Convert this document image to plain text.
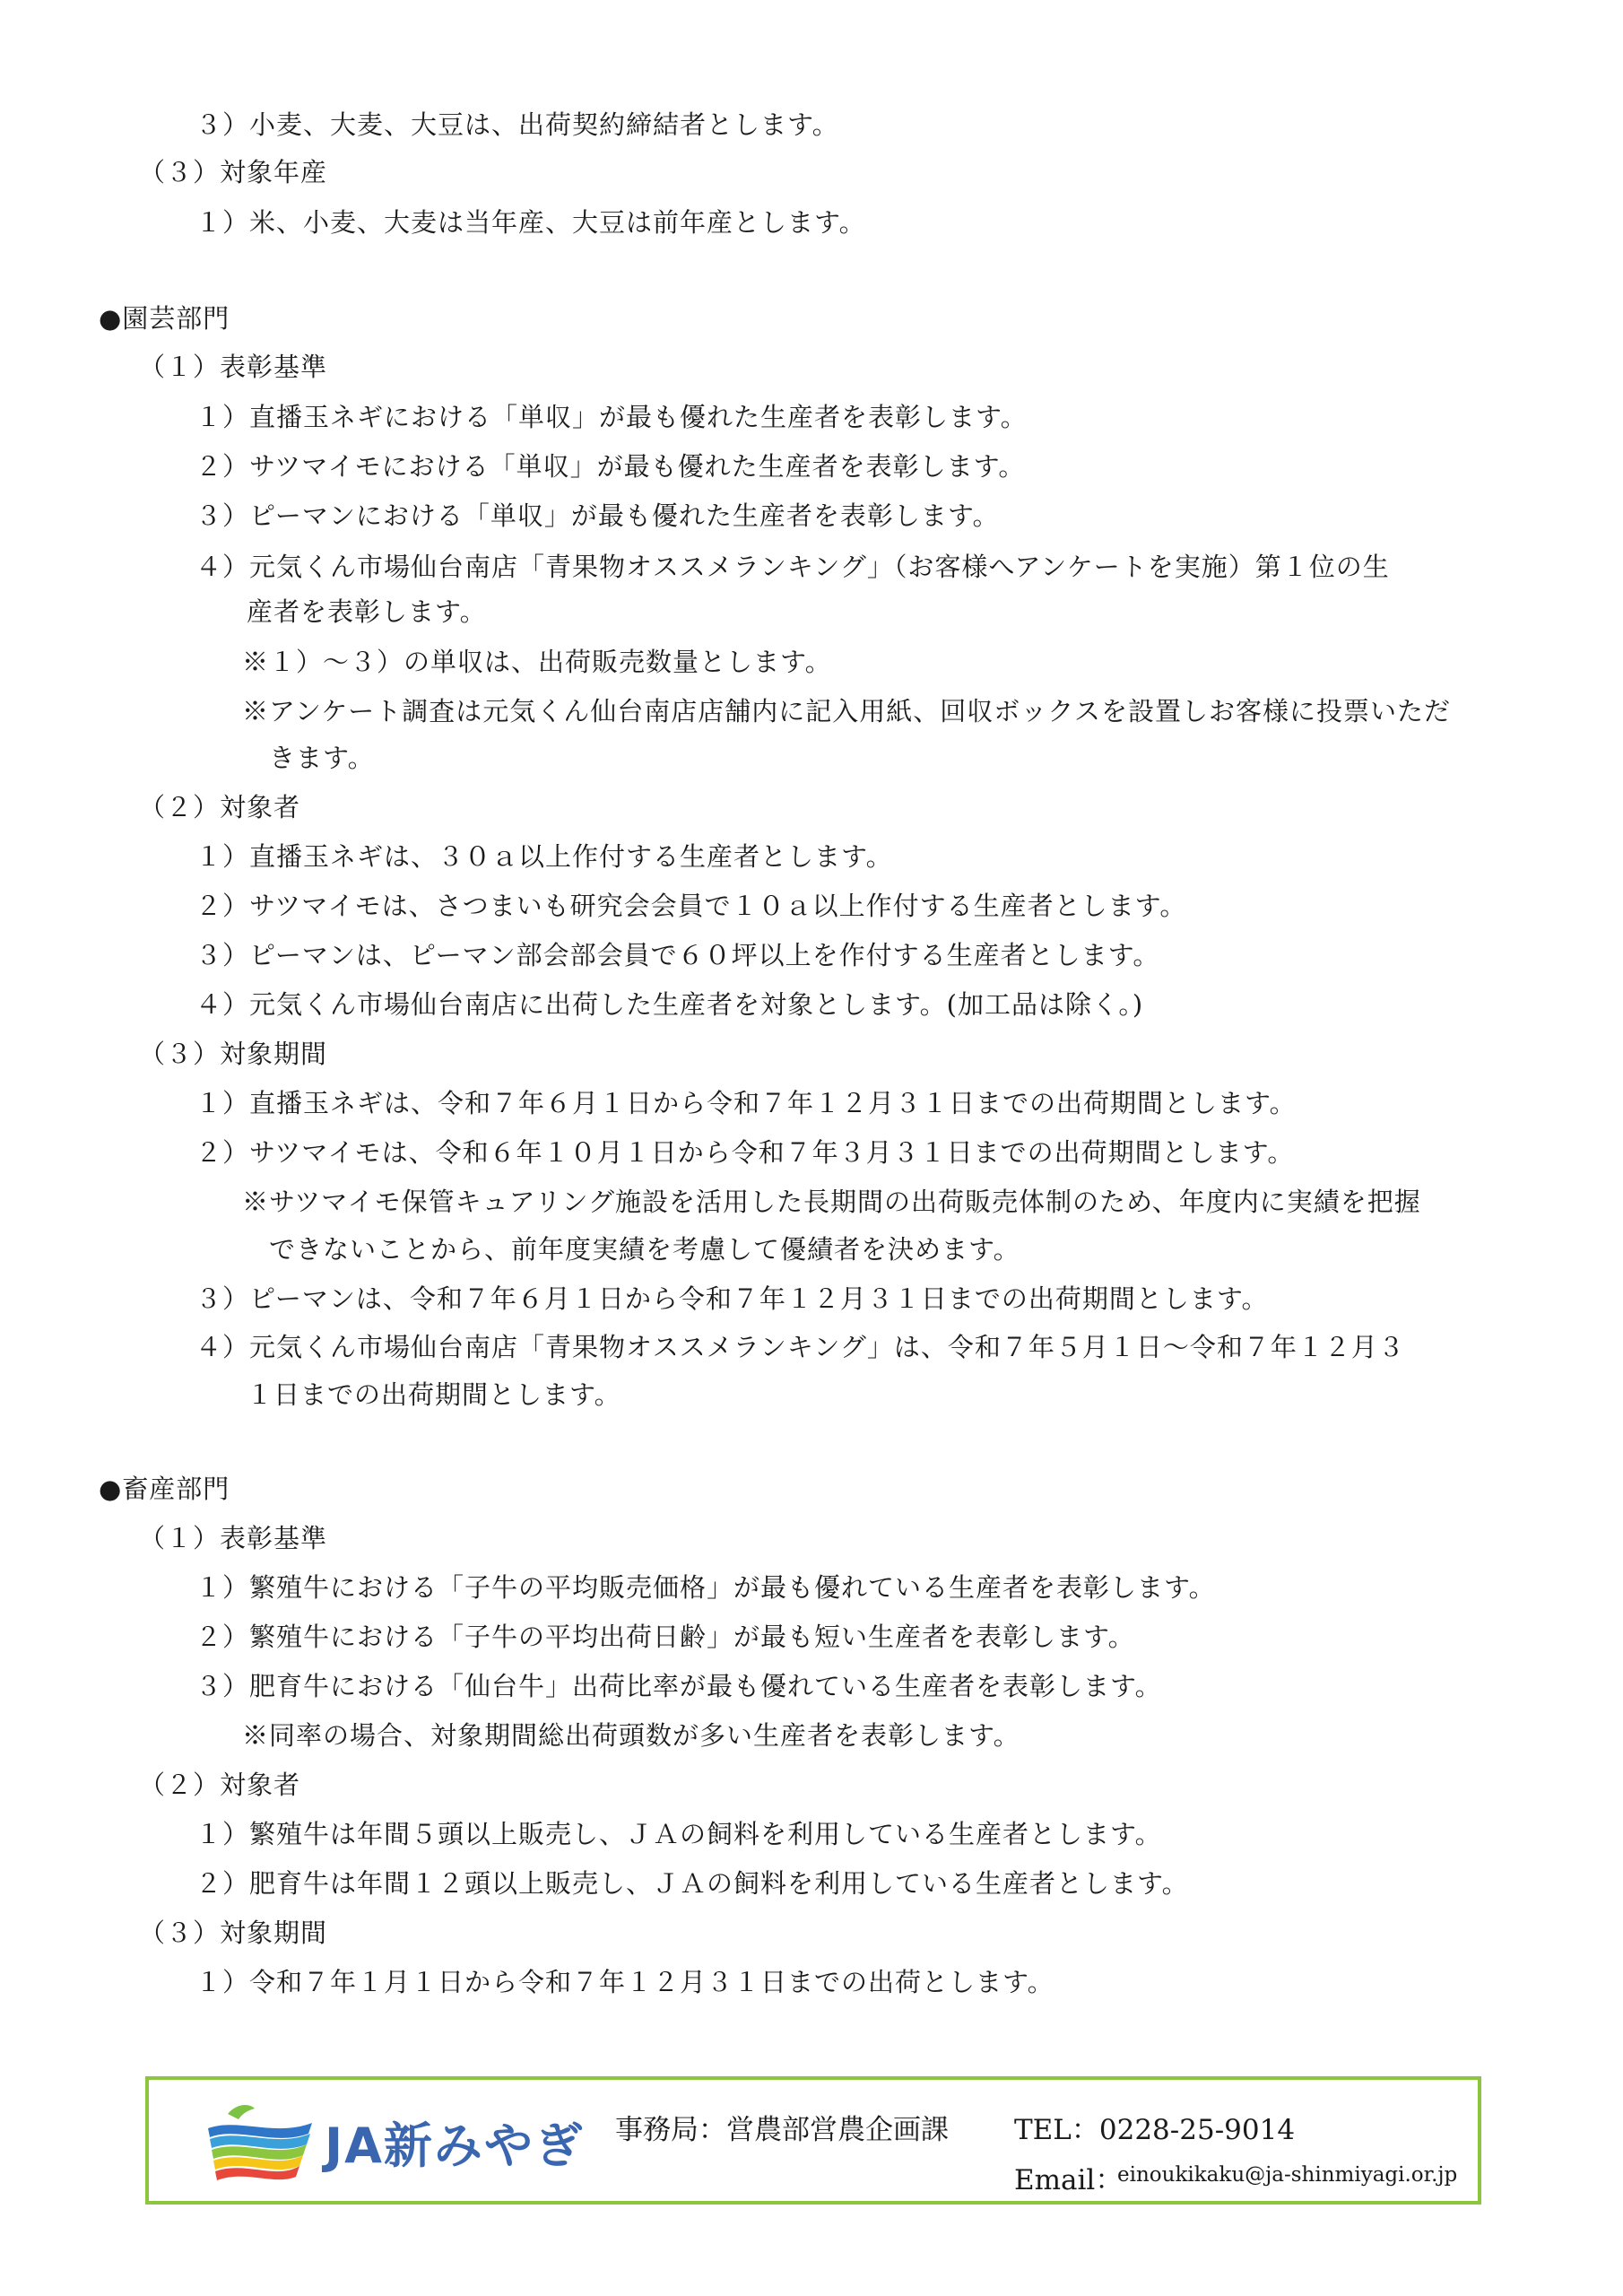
３）小麦、大麦、大豆は、出荷契約締結者とします。
（３）対象年産
１）米、小麦、大麦は当年産、大豆は前年産とします。
●園芸部門
（１）表彰基準
１）直播玉ネギにおける「単収」が最も優れた生産者を表彰します。
２）サツマイモにおける「単収」が最も優れた生産者を表彰します。
３）ピーマンにおける「単収」が最も優れた生産者を表彰します。
４）元気くん市場仙台南店「青果物オススメランキング」（お客様へアンケートを実施）第１位の生
産者を表彰します。
※１）～３）の単収は、出荷販売数量とします。
※アンケート調査は元気くん仙台南店店舗内に記入用紙、回収ボックスを設置しお客様に投票いただ
きます。
（２）対象者
１）直播玉ネギは、３０ａ以上作付する生産者とします。
２）サツマイモは、さつまいも研究会会員で１０ａ以上作付する生産者とします。
３）ピーマンは、ピーマン部会部会員で６０坪以上を作付する生産者とします。
４）元気くん市場仙台南店に出荷した生産者を対象とします。(加工品は除く。)
（３）対象期間
１）直播玉ネギは、令和７年６月１日から令和７年１２月３１日までの出荷期間とします。
２）サツマイモは、令和６年１０月１日から令和７年３月３１日までの出荷期間とします。
※サツマイモ保管キュアリング施設を活用した長期間の出荷販売体制のため、年度内に実績を把握
できないことから、前年度実績を考慮して優績者を決めます。
３）ピーマンは、令和７年６月１日から令和７年１２月３１日までの出荷期間とします。
４）元気くん市場仙台南店「青果物オススメランキング」は、令和７年５月１日～令和７年１２月３
１日までの出荷期間とします。
●畜産部門
（１）表彰基準
１）繁殖牛における「子牛の平均販売価格」が最も優れている生産者を表彰します。
２）繁殖牛における「子牛の平均出荷日齢」が最も短い生産者を表彰します。
３）肥育牛における「仙台牛」出荷比率が最も優れている生産者を表彰します。
※同率の場合、対象期間総出荷頭数が多い生産者を表彰します。
（２）対象者
１）繁殖牛は年間５頭以上販売し、ＪＡの飼料を利用している生産者とします。
２）肥育牛は年間１２頭以上販売し、ＪＡの飼料を利用している生産者とします。
（３）対象期間
１）令和７年１月１日から令和７年１２月３１日までの出荷とします。
JA新みやぎ 事務局：営農部営農企画課 TEL：0228-25-9014
Email：
einoukikaku@ja-shinmiyagi.or.jp
